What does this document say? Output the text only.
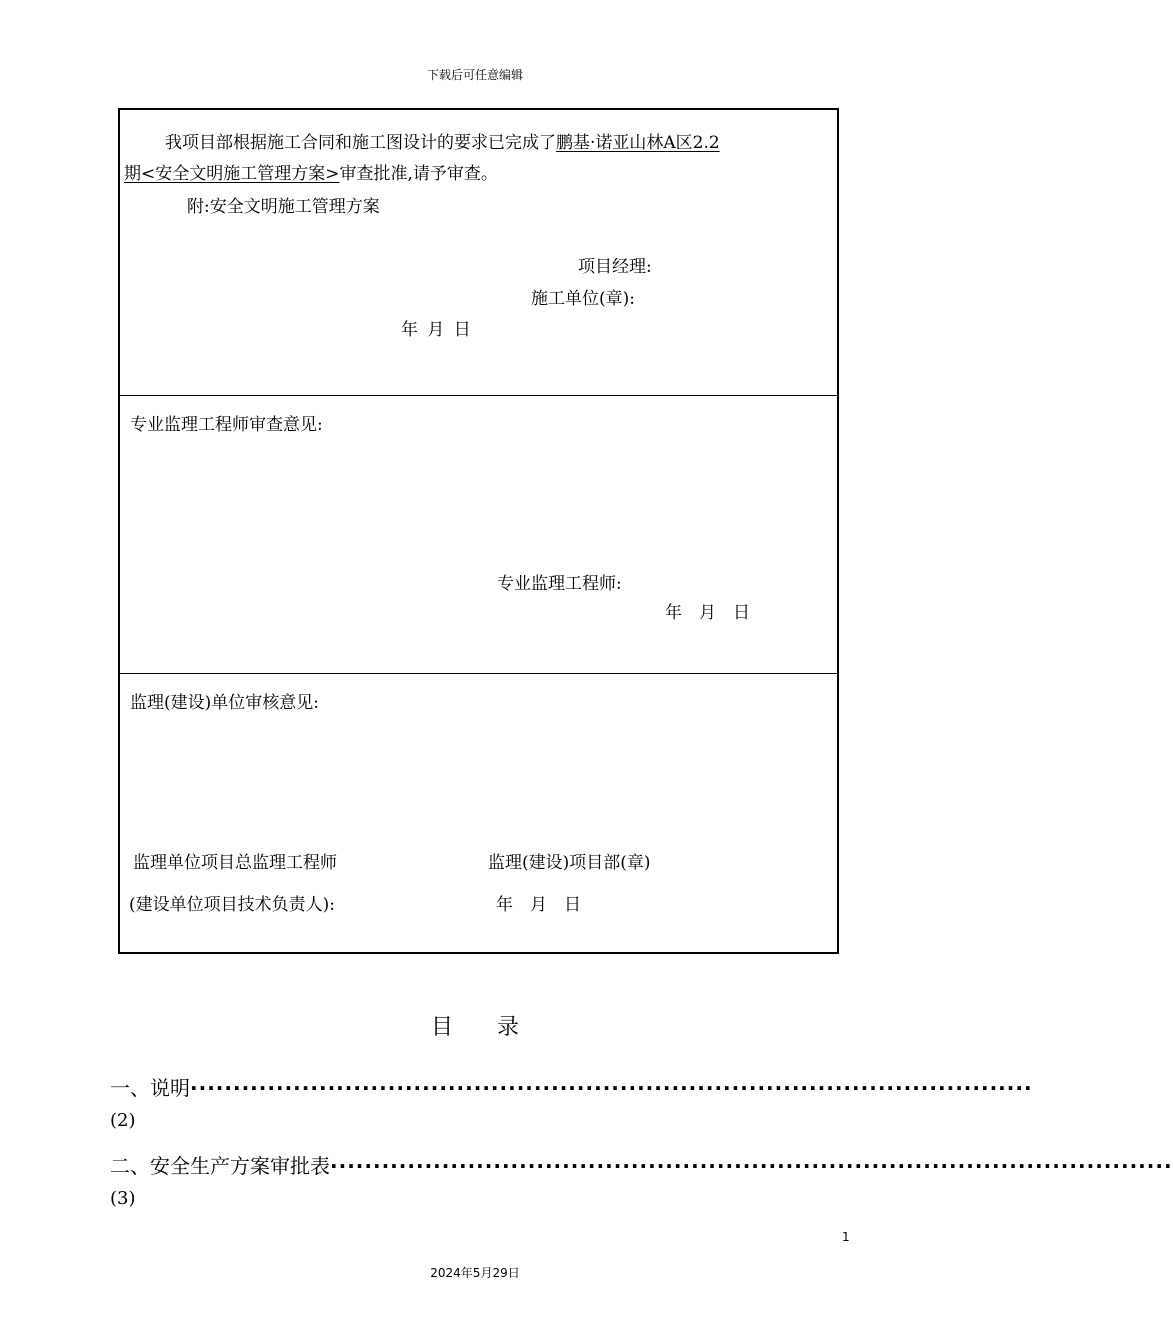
下载后可任意编辑
我项目部根据施工合同和施工图设计的要求已完成了鹏基·诺亚山林A区2.2
期<安全文明施工管理方案>审查批准,请予审查。
附:安全文明施工管理方案
项目经理:
施工单位(章):
年 月 日
专业监理工程师审查意见:
专业监理工程师:
年　月　日
监理(建设)单位审核意见:
监理单位项目总监理工程师
(建设单位项目技术负责人):
监理(建设)项目部(章)
年　月　日
目录
一、说明 ··································································································
(2)
二、安全生产方案审批表 ··································································································
(3)
1
2024年5月29日
